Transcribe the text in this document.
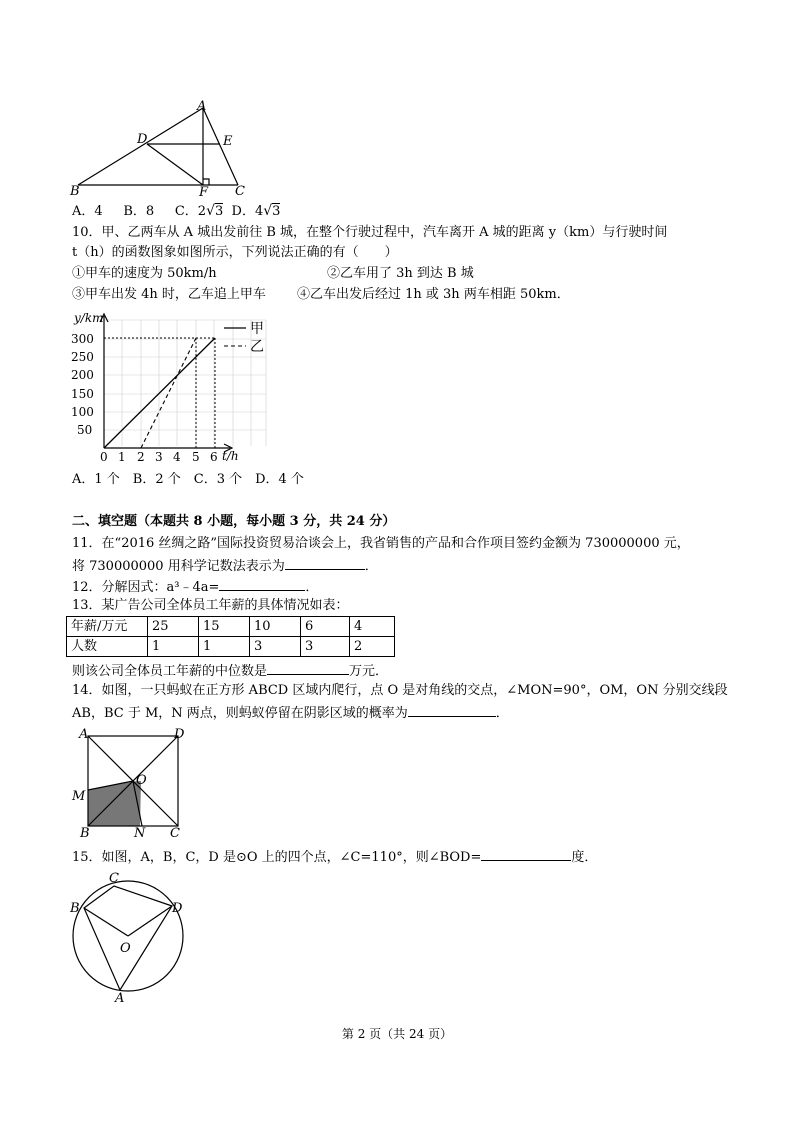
A
D	E
B	F C
A．4 B．8 C．2√3 D．4√3
10．甲、乙两车从 A 城出发前往 B 城，在整个行驶过程中，汽车离开 A 城的距离 y（km）与行驶时间
t（h）的函数图象如图所示，下列说法正确的有（　　）
①甲车的速度为 50km/h	②乙车用了 3h 到达 B 城
③甲车出发 4h 时，乙车追上甲车 ④乙车出发后经过 1h 或 3h 两车相距 50km．
甲
乙
y/km
t/h
50
100
150
200
250
300
0 1 2 3 4 5 6
A．1 个　B．2 个　C．3 个　D．4 个
二、填空题（本题共 8 小题，每小题 3 分，共 24 分）
11．在“2016 丝绸之路”国际投资贸易洽谈会上，我省销售的产品和合作项目签约金额为 730000000 元，
将 730000000 用科学记数法表示为	．
12．分解因式：a³﹣4a=	．
13．某广告公司全体员工年薪的具体情况如表：
年薪/万元	25	15	10	6	4
人数	1	1	3	3	2
则该公司全体员工年薪的中位数是	万元．
14．如图，一只蚂蚁在正方形 ABCD 区域内爬行，点 O 是对角线的交点，∠MON=90°，OM，ON 分别交线段
AB，BC 于 M，N 两点，则蚂蚁停留在阴影区域的概率为	．
A	D
O
M
B	N C
15．如图，A，B，C，D 是⊙O 上的四个点，∠C=110°，则∠BOD=	度．
C
B	D
O
A
第 2 页（共 24 页）
